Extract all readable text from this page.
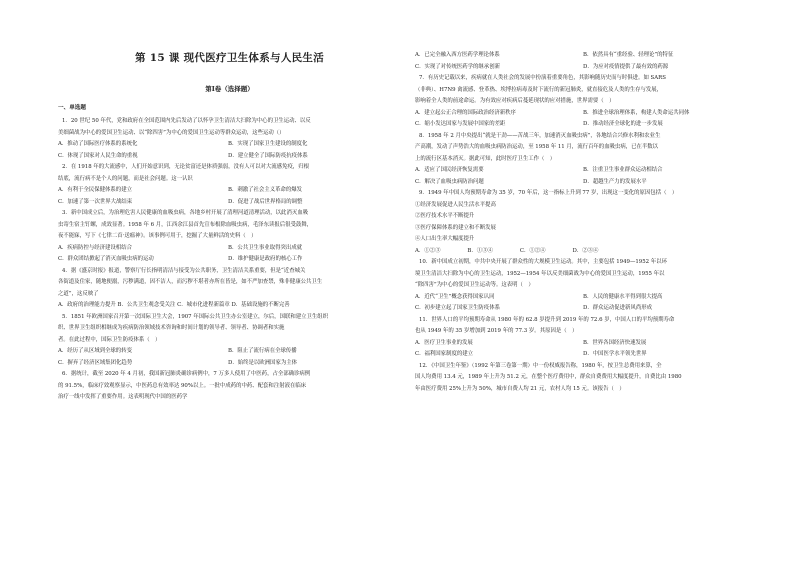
第 15 课 现代医疗卫生体系与人民生活
第Ⅰ卷（选择题）
一、单选题
1．20 世纪 50 年代，党和政府在全国范围内先后发动了以怀孕卫生清洁大扫除为中心的卫生运动、以反
美细菌战为中心的爱国卫生运动、以“除四害”为中心的爱国卫生运动等群众运动，这些运动（）
A．推动了国际医疗体系的系统化	B．实现了国家卫生建设的制度化
C．体现了国家对人民生命的重视	D．建立健全了国际防疫抗疫体系
2．在 1918 年的大流感中，人们开始意识到，无论贫富还是体质强弱，没有人可以对大流感免疫，归根
结底，流行病不是个人的问题，而是社会问题。这一认识
A．有利于全民保健体系的建立	B．刺激了社会主义革命的爆发
C．加速了第一次世界大战结束	D．促进了战后世界格局的调整
3．新中国成立后，为治理危害人民健康的血吸虫病，各地乡村开展了清理河道清理活动，以此消灭血吸
虫寄生宿主钉螺，成效显著。1958 年 6 月，江西余江县首先宣布根除血吸虫病，毛泽东读报后很受鼓舞，
夜不能寐，写下《七律二首·送瘟神》。该事例可用于，挖掘了大量鲜活的史料（　）
A．疾病防控与经济建设相结合	B．公共卫生事业取得突出成就
C．群众团结掀起了消灭血吸虫病的运动	D．维护健康是政府的核心工作
4．据《盛京时报》报道，警察厅行长指明清洁与接受为公共职务，卫生清洁关系重要，但是“近查城关
各街道及住家，随地便溺，污秽满道，因不洁人，而污秽不堪者亦所在皆是，如不严加查禁，殊非健康公共卫生
之道”，这反映了
A．政府的治理能力提升 B．公共卫生观念受关注 C．城市化进程新篇章 D．基础设施的不断完善
5．1851 年欧洲国家召开第一次国际卫生大会，1907 年国际公共卫生办公室建立，尔后，国联和建立卫生组织
织、世界卫生组织相继成为疾病防治领域技术咨询和时间计划的领导者、领导者、协调者和实施
者。在此过程中，国际卫生防疫体系（　）
A．经历了从区域到全球的转变	B．阻止了流行病在全球传播
C．摒弃了经济区域集团化趋势	D．始终是以欧洲国家为主体
6．据统计，截至 2020 年 4 月初，我国新冠肺炎确诊病例中，7 万多人使用了中医药，占全部确诊病例
的 91.5%，临床疗效观察显示，中医药总有效率达 90%以上。一批中成药的中药、配套和注射液在临床
治疗一线中发挥了重要作用。这表明现代中国的医药学
A．已完全融入西方医药学理论体系	B．依然具有“重经验、轻理论”的特征
C．实现了对传统医药学的继承创新	D．为应对疫情提供了最有效的药源
7．有历史记载以来，疾病就在人类社会的发展中扮演着重要角色，其影响随历史而与时俱进。如 SARS
（非典）、H7N9 禽流感、登革热、埃博拉病毒及时下流行的新冠肺炎，就直接危及人类的生存与发展，
影响着全人类的前途命运。为有效应对疾病后蔓延现状的应对措施，世界需要（　）
A．建立起公正合理的国际政治经济新秩序	B．推进全球治理体系，构建人类命运共同体
C．缩小发达国家与发展中国家的差距	D．推动经济全球化的进一步发展
8．1958 年 2 月中央提出“就是干劲——苦战三年，加速消灭血吸虫病”，各地结合兴修水利和农业生
产高潮，发动了声势浩大的血吸虫病防治运动，至 1958 年 11 月，流行百年的血吸虫病，已在半数以
上的流行区基本消灭。据此可知，此时医疗卫生工作（　）
A．适应了国民经济恢复需要	B．注重卫生事业群众运动相结合
C．解决了血吸虫病防治问题	D．超越生产力的发展水平
9．1949 年中国人均预期寿命为 35 岁，70 年后，这一指标上升到 77 岁，出现这一变化的原因包括（　）
①经济发展促进人民生活水平提高
②医疗技术水平不断提升
③医疗保障体系的建立和不断发展
④人口出生率大幅度提升
A．①②③　　　　　B．①③④　　　　　C．①②④　　　　　D．②③④
10．新中国成立初期，中共中央开展了群众性的大规模卫生运动。其中，主要包括 1949—1952 年以环
境卫生清洁大扫除为中心的卫生运动，1952—1954 年以反美细菌战为中心的爱国卫生运动，1955 年以
“除四害”为中心的爱国卫生运动等。这表明（　）
A．近代“卫生”概念获得国家认同	B．人民的健康水平得到很大提高
C．初步建立起了国家卫生防疫体系	D．群众运动促进新风尚形成
11．世界人口的平均预期寿命从 1980 年的 62.8 岁提升到 2019 年的 72.6 岁，中国人口的平均预期寿命
也从 1949 年的 35 岁增加到 2019 年的 77.3 岁。其原因是（　）
A．医疗卫生事业的发展	B．世界各国经济快速发展
C．福利国家制度的建立	D．中国医学水平领先世界
12．《中国卫生年鉴》（1992 年第三卷第一期）中一份权威报告称，1980 年，按卫生总费用来算，全
国人均费用 13.4 元，1989 年上升为 51.2 元，在整个医疗费用中，群众自费费用大幅度提升，自费比由 1980
年由医疗费用 25%上升为 50%，城市自费人均 21 元，农村人均 15 元。该报告（　）
